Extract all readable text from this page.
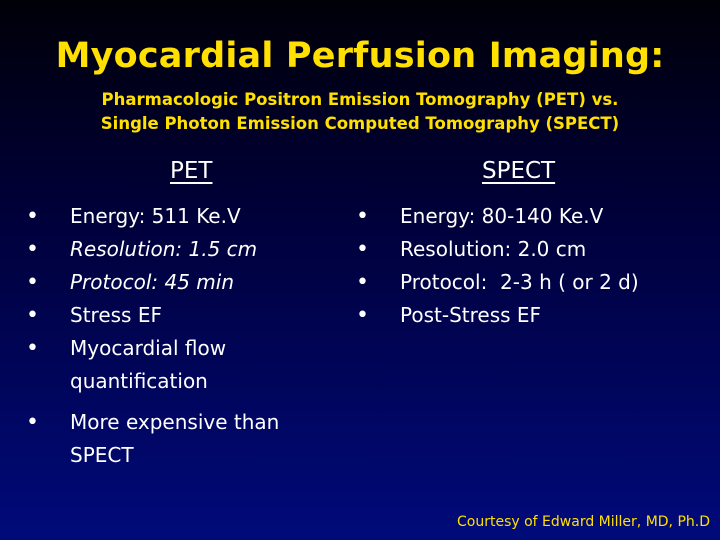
Myocardial Perfusion Imaging:
Pharmacologic Positron Emission Tomography (PET) vs.
Single Photon Emission Computed Tomography (SPECT)
PET	SPECT
• Energy: 511 Ke.V
• Resolution: 1.5 cm
• Protocol: 45 min
• Stress EF
• Myocardial flow
quantification
• More expensive than
SPECT
• Energy: 80-140 Ke.V
• Resolution: 2.0 cm
• Protocol:  2-3 h ( or 2 d)
• Post-Stress EF
Courtesy of Edward Miller, MD, Ph.D
